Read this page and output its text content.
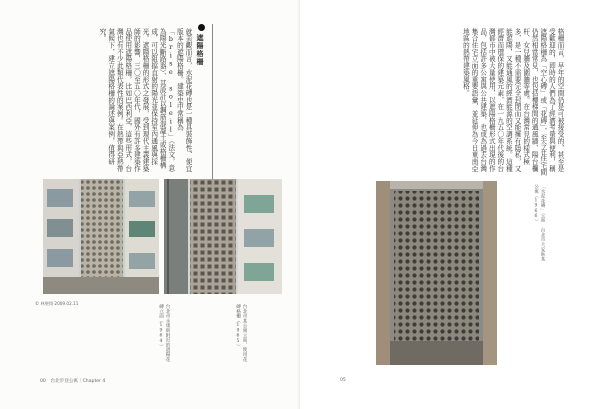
遮陽格柵
就美觀而言，水泥花磚也是一種具裝飾性、便宜版本的遮陽格柵。建築史中常稱為「brise soleil」（法文，意為陽光斷路器）、其設計以鋼筋混凝土或格柵構成，可以阻擋直射的陽光並保持室內通風與採光。遮陽格柵的形式之發展，受到現代主義建築師的影響，三〇至五〇年代，國外有許多建築作品使用遮陽格柵，比如巴西利亞，這些形式，台灣也有不少此類代表性的案例。在熱帶與亞熱帶氣候下，建立遮陽格柵的論述與案例，值得研究。
台北市某公寓立面，使用花磚格柵（1965）
台北市永康街附近的遮陽花磚立面（1964）
© 林聖翔 2009.02.11
00　台北步登公寓｜Chapter 4
格柵而言，早年的空間仍是可被接受的，甚至是受歡迎的，即時的人們為了經濟考量與便利，稱遮陽格柵為「空心磚」或「花磚」，至今在住宅間仍然相當常見，也包括樓梯間的通風牆、陽台欄杆、女兒牆及圍牆等處。在台灣常見的樣式極多，是一種不需要完全封閉而又能擁有隱私，又能遮陽，又能通風的經濟能源的空調系統。這種經濟而環保的建築元素，在一九五〇年代後的台灣都市中被大量使用，以遮陽格柵形式出現的作品，包括許多公寓與公共建築，也成為過去台灣集合住宅立面的重要語彙，並延伸為今日東南亞地區的熱帶建築風格。
「水泥花磚」立面 台北市大安區某公寓（1966）
05
